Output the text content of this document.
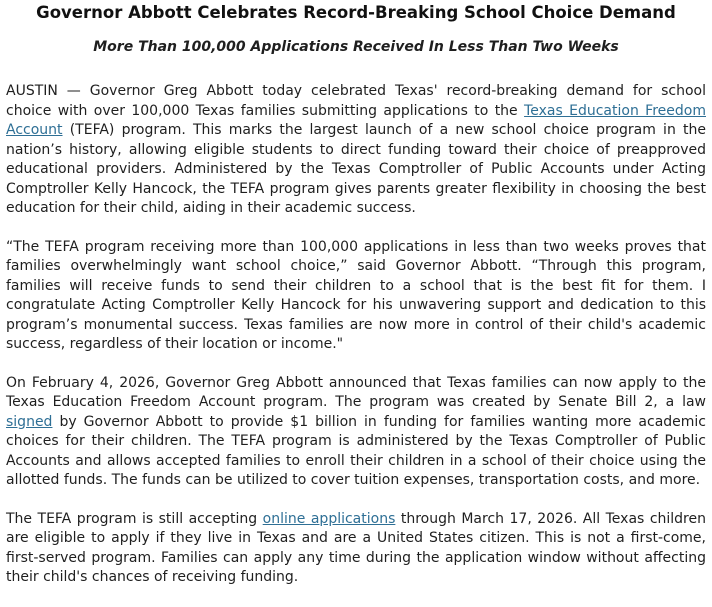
Governor Abbott Celebrates Record-Breaking School Choice Demand
More Than 100,000 Applications Received In Less Than Two Weeks

AUSTIN — Governor Greg Abbott today celebrated Texas' record-breaking demand for school choice with over 100,000 Texas families submitting applications to the Texas Education Freedom Account (TEFA) program. This marks the largest launch of a new school choice program in the nation’s history, allowing eligible students to direct funding toward their choice of preapproved educational providers. Administered by the Texas Comptroller of Public Accounts under Acting Comptroller Kelly Hancock, the TEFA program gives parents greater flexibility in choosing the best education for their child, aiding in their academic success.

“The TEFA program receiving more than 100,000 applications in less than two weeks proves that families overwhelmingly want school choice,” said Governor Abbott. “Through this program, families will receive funds to send their children to a school that is the best fit for them. I congratulate Acting Comptroller Kelly Hancock for his unwavering support and dedication to this program’s monumental success. Texas families are now more in control of their child's academic success, regardless of their location or income."

On February 4, 2026, Governor Greg Abbott announced that Texas families can now apply to the Texas Education Freedom Account program. The program was created by Senate Bill 2, a law signed by Governor Abbott to provide $1 billion in funding for families wanting more academic choices for their children. The TEFA program is administered by the Texas Comptroller of Public Accounts and allows accepted families to enroll their children in a school of their choice using the allotted funds. The funds can be utilized to cover tuition expenses, transportation costs, and more.

The TEFA program is still accepting online applications through March 17, 2026. All Texas children are eligible to apply if they live in Texas and are a United States citizen. This is not a first-come, first-served program. Families can apply any time during the application window without affecting their child's chances of receiving funding.
